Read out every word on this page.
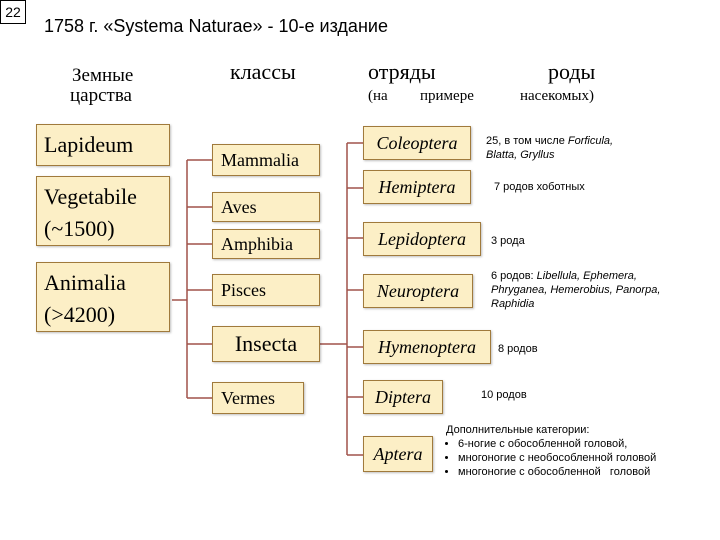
22
1758 г. «Systema Naturae» - 10-е издание
Земные
царства
классы	отряды
(на примере
роды
насекомых)
Lapideum
Vegetabile
(~1500)
Animalia
(>4200)
Mammalia
Aves
Amphibia
Pisces
Insecta
Vermes
Coleoptera
Hemiptera
Lepidoptera
Neuroptera
Hymenoptera
Diptera
Aptera
25, в том числе Forficula,
Blatta, Gryllus
7 родов хоботных
3 рода
6 родов: Libellula, Ephemera,
Phryganea, Hemerobius, Panorpa,
Raphidia
8 родов
10 родов
Дополнительные категории:
• 6-ногие с обособленной головой,
• многоногие с необособленной головой
• многоногие с обособленной   головой
